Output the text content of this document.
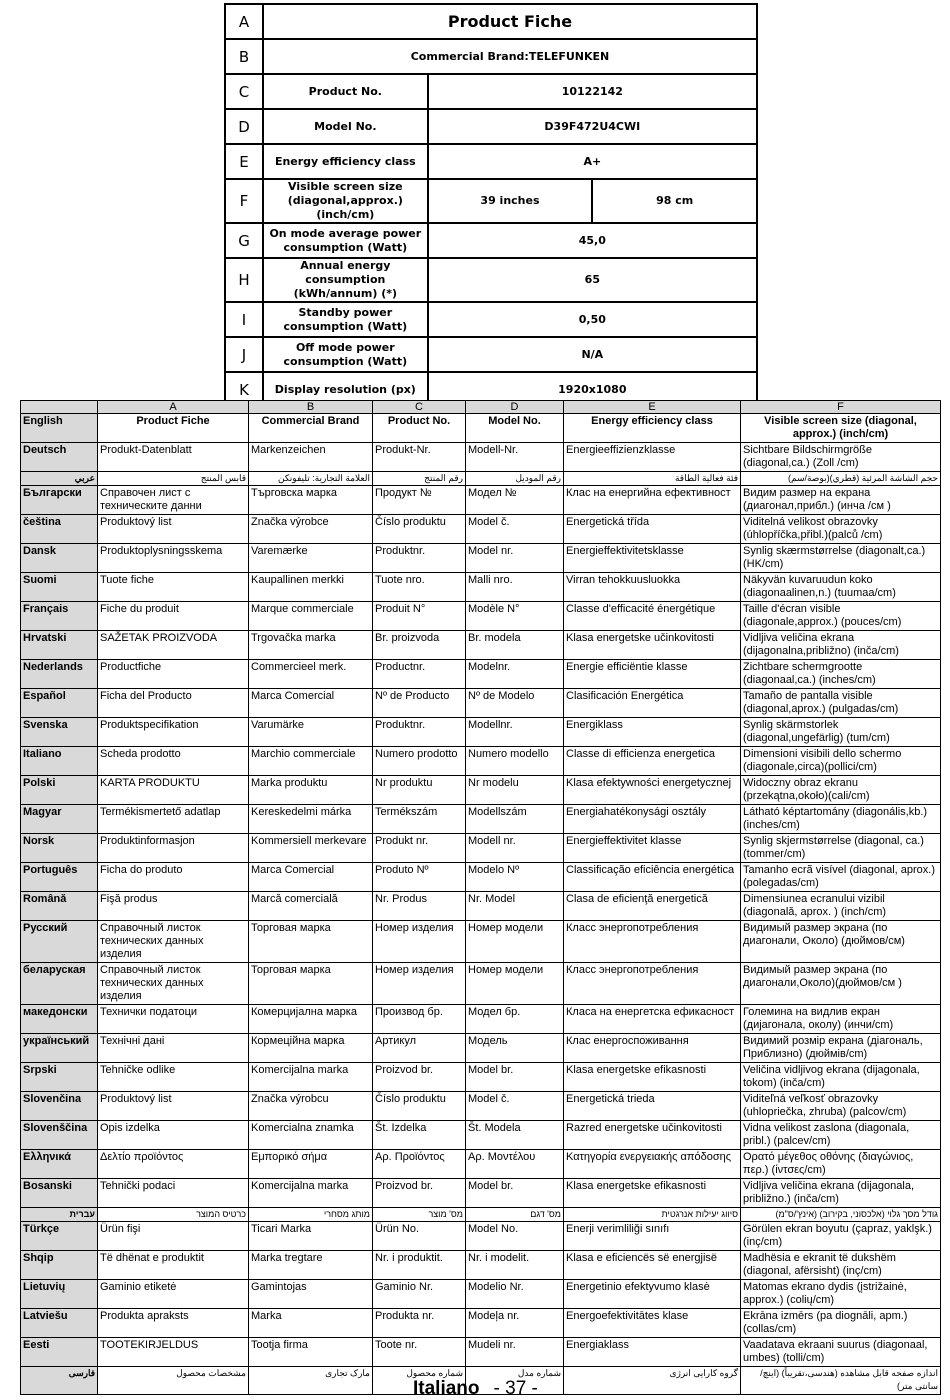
A	Product Fiche		
B	Commercial Brand:TELEFUNKEN		
C	Product No.	10122142	
D	Model No.	D39F472U4CWI	
E	Energy efficiency class	A+	
F	Visible screen size (diagonal,approx.) (inch/cm)	39 inches	98 cm
G	On mode average power consumption (Watt)	45,0	
H	Annual energy consumption (kWh/annum) (*)	65	
I	Standby power consumption (Watt)	0,50	
J	Off mode power consumption (Watt)	N/A	
K	Display resolution (px)	1920x1080	
	A	B	C	D	E	F
English	Product Fiche	Commercial Brand	Product No.	Model No.	Energy efficiency class	Visible screen size (diagonal, approx.) (inch/cm)
Deutsch	Produkt-Datenblatt	Markenzeichen	Produkt-Nr.	Modell-Nr.	Energieeffizienzklasse	Sichtbare Bildschirmgröße (diagonal,ca.) (Zoll /cm)
عربي	قابس المنتج	العلامة التجارية: تليفونكن	رقم المنتج	رقم الموديل	فئة فعالية الطاقة	حجم الشاشة المرئية (قطري)(بوصة/سم)
Български	Справочен лист с техническите данни	Търговска марка	Продукт №	Модел №	Клас на енергийна ефективност	Видим размер на екрана (диагонал,прибл.) (инча /см )
čeština	Produktový list	Značka výrobce	Číslo produktu	Model č.	Energetická třída	Viditelná velikost obrazovky (úhlopříčka,přibl.)(palců /cm)
Dansk	Produktoplysningsskema	Varemærke	Produktnr.	Model nr.	Energieffektivitetsklasse	Synlig skærmstørrelse (diagonalt,ca.) (HK/cm)
Suomi	Tuote fiche	Kaupallinen merkki	Tuote nro.	Malli nro.	Virran tehokkuusluokka	Näkyvän kuvaruudun koko (diagonaalinen,n.) (tuumaa/cm)
Français	Fiche du produit	Marque commerciale	Produit N°	Modèle N°	Classe d'efficacité énergétique	Taille d'écran visible (diagonale,approx.) (pouces/cm)
Hrvatski	SAŽETAK PROIZVODA	Trgovačka marka	Br. proizvoda	Br. modela	Klasa energetske učinkovitosti	Vidljiva veličina ekrana (dijagonalna,približno) (inča/cm)
Nederlands	Productfiche	Commercieel merk.	Productnr.	Modelnr.	Energie efficiëntie klasse	Zichtbare schermgrootte (diagonaal,ca.) (inches/cm)
Español	Ficha del Producto	Marca Comercial	Nº de Producto	Nº de Modelo	Clasificación Energética	Tamaño de pantalla visible (diagonal,aprox.) (pulgadas/cm)
Svenska	Produktspecifikation	Varumärke	Produktnr.	Modellnr.	Energiklass	Synlig skärmstorlek (diagonal,ungefärlig) (tum/cm)
Italiano	Scheda prodotto	Marchio commerciale	Numero prodotto	Numero modello	Classe di efficienza energetica	Dimensioni visibili dello schermo (diagonale,circa)(pollici/cm)
Polski	KARTA PRODUKTU	Marka produktu	Nr produktu	Nr modelu	Klasa efektywności energetycznej	Widoczny obraz ekranu (przekątna,około)(cali/cm)
Magyar	Termékismertető adatlap	Kereskedelmi márka	Termékszám	Modellszám	Energiahatékonysági osztály	Látható képtartomány (diagonális,kb.) (inches/cm)
Norsk	Produktinformasjon	Kommersiell merkevare	Produkt nr.	Modell nr.	Energieffektivitet klasse	Synlig skjermstørrelse (diagonal, ca.) (tommer/cm)
Português	Ficha do produto	Marca Comercial	Produto Nº	Modelo Nº	Classificação eficiência energética	Tamanho ecrã visível (diagonal, aprox.) (polegadas/cm)
Română	Fişă produs	Marcă comercială	Nr. Produs	Nr. Model	Clasa de eficienţă energetică	Dimensiunea ecranului vizibil (diagonală, aprox. ) (inch/cm)
Русский	Справочный листок технических данных изделия	Торговая марка	Номер изделия	Номер модели	Класс энергопотребления	Видимый размер экрана (по диагонали, Около) (дюймов/см)
беларуская	Справочный листок технических данных изделия	Торговая марка	Номер изделия	Номер модели	Класс энергопотребления	Видимый размер экрана (по диагонали,Около)(дюймов/см )
македонски	Технички податоци	Комерцијална марка	Производ бр.	Модел бр.	Класа на енергетска ефикасност	Големина на видлив екран (дијагонала, околу) (инчи/cm)
український	Технічні дані	Кормеційна марка	Артикул	Модель	Клас енергоспоживання	Видимий розмір екрана (діагональ, Приблизно) (дюймів/cm)
Srpski	Tehničke odlike	Komercijalna marka	Proizvod br.	Model br.	Klasa energetske efikasnosti	Veličina vidljivog ekrana (dijagonala, tokom) (inča/cm)
Slovenčina	Produktový list	Značka výrobcu	Číslo produktu	Model č.	Energetická trieda	Viditeľná veľkosť obrazovky (uhlopriečka, zhruba) (palcov/cm)
Slovenščina	Opis izdelka	Komercialna znamka	Št. Izdelka	Št. Modela	Razred energetske učinkovitosti	Vidna velikost zaslona (diagonala, pribl.) (palcev/cm)
Ελληνικά	Δελτίο προϊόντος	Εμπορικό σήμα	Αρ. Προϊόντος	Αρ. Μοντέλου	Κατηγορία ενεργειακής απόδοσης	Ορατό μέγεθος οθόνης (διαγώνιος, περ.) (ίντσες/cm)
Bosanski	Tehnički podaci	Komercijalna marka	Proizvod br.	Model br.	Klasa energetske efikasnosti	Vidljiva veličina ekrana (dijagonala, približno.) (inča/cm)
עברית	כרטיס המוצר	מותג מסחרי	מס' מוצר	מס' דגם	סיווג יעילות אנרגטית	גודל מסך גלוי (אלכסוני, בקירוב) (אינץ'/ס"מ)
Türkçe	Ürün fişi	Ticari Marka	Ürün No.	Model No.	Enerji verimliliği sınıfı	Görülen ekran boyutu (çapraz, yaklşk.) (inç/cm)
Shqip	Të dhënat e produktit	Marka tregtare	Nr. i produktit.	Nr. i modelit.	Klasa e eficiencës së energjisë	Madhësia e ekranit të dukshëm (diagonal, afërsisht) (inç/cm)
Lietuvių	Gaminio etiketė	Gamintojas	Gaminio Nr.	Modelio Nr.	Energetinio efektyvumo klasė	Matomas ekrano dydis (įstrižainė, approx.) (colių/cm)
Latviešu	Produkta apraksts	Marka	Produkta nr.	Modeļa nr.	Energoefektivitātes klase	Ekrāna izmērs (pa diognāli, apm.) (collas/cm)
Eesti	TOOTEKIRJELDUS	Tootja firma	Toote nr.	Mudeli nr.	Energiaklass	Vaadatava ekraani suurus (diagonaal, umbes) (tolli/cm)
فارسی	مشخصات محصول	مارک تجاری	شماره محصول	شماره مدل	گروه کارایی انرژی	اندازه صفحه قابل مشاهده (هندسی،تقریباً) (اینچ/ سانتی متر)
Italiano - 37 -
